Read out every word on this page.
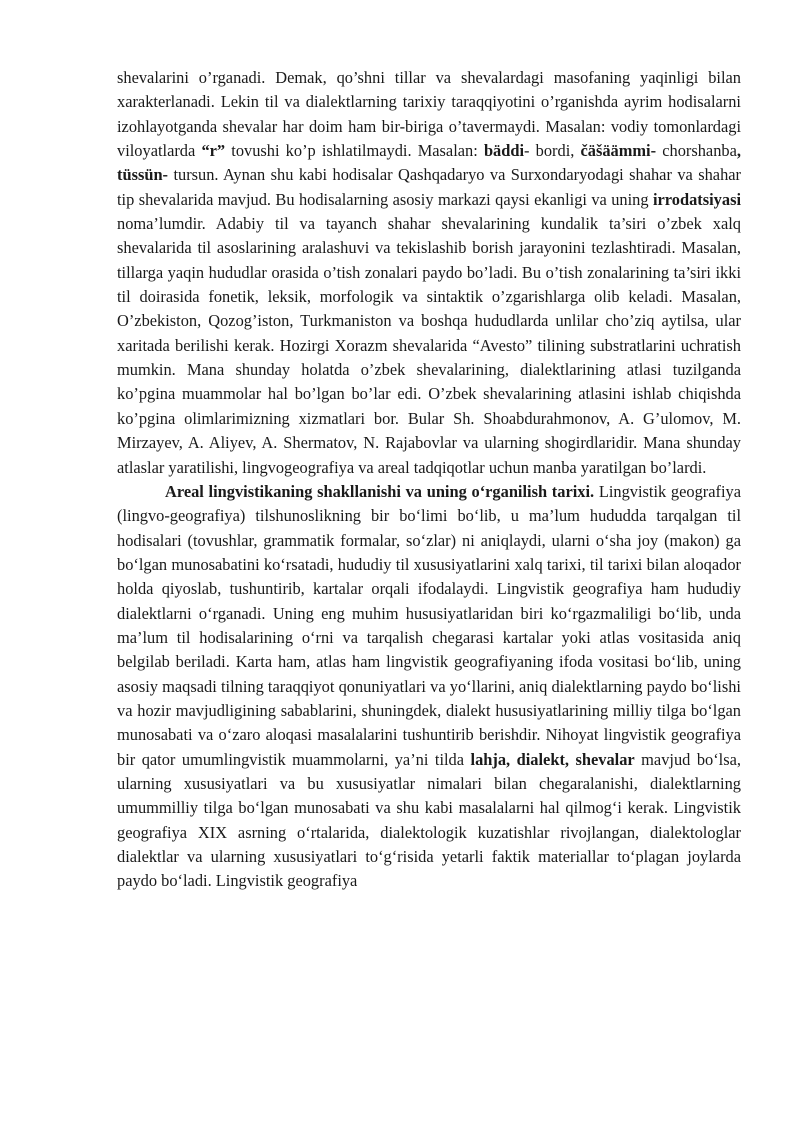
shevalarini o’rganadi. Demak, qo’shni tillar va shevalardagi masofaning yaqinligi bilan xarakterlanadi. Lekin til va dialektlarning tarixiy taraqqiyotini o’rganishda ayrim hodisalarni izohlayotganda shevalar har doim ham bir-biriga o’tavermaydi. Masalan: vodiy tomonlardagi viloyatlarda “r” tovushi ko’p ishlatilmaydi. Masalan: bäddi- bordi, čäšäämmi- chorshanba, tüssün- tursun. Aynan shu kabi hodisalar Qashqadaryo va Surxondaryodagi shahar va shahar tip shevalarida mavjud. Bu hodisalarning asosiy markazi qaysi ekanligi va uning irrodatsiyasi noma’lumdir. Adabiy til va tayanch shahar shevalarining kundalik ta’siri o’zbek xalq shevalarida til asoslarining aralashuvi va tekislashib borish jarayonini tezlashtiradi. Masalan, tillarga yaqin hududlar orasida o’tish zonalari paydo bo’ladi. Bu o’tish zonalarining ta’siri ikki til doirasida fonetik, leksik, morfologik va sintaktik o’zgarishlarga olib keladi. Masalan, O’zbekiston, Qozog’iston, Turkmaniston va boshqa hududlarda unlilar cho’ziq aytilsa, ular xaritada berilishi kerak. Hozirgi Xorazm shevalarida “Avesto” tilining substratlarini uchratish mumkin. Mana shunday holatda o’zbek shevalarining, dialektlarining atlasi tuzilganda ko’pgina muammolar hal bo’lgan bo’lar edi. O’zbek shevalarining atlasini ishlab chiqishda ko’pgina olimlarimizning xizmatlari bor. Bular Sh. Shoabdurahmonov, A. G’ulomov, M. Mirzayev, A. Aliyev, A. Shermatov, N. Rajabovlar va ularning shogirdlaridir. Mana shunday atlaslar yaratilishi, lingvogeografiya va areal tadqiqotlar uchun manba yaratilgan bo’lardi.

Areal lingvistikaning shakllanishi va uning o‘rganilish tarixi. Lingvistik geografiya (lingvo-geografiya) tilshunoslikning bir bo‘limi bo‘lib, u ma’lum hududda tarqalgan til hodisalari (tovushlar, grammatik formalar, so‘zlar) ni aniqlaydi, ularni o‘sha joy (makon) ga bo‘lgan munosabatini ko‘rsatadi, hududiy til xususiyatlarini xalq tarixi, til tarixi bilan aloqador holda qiyoslab, tushuntirib, kartalar orqali ifodalaydi. Lingvistik geografiya ham hududiy dialektlarni o‘rganadi. Uning eng muhim hususiyatlaridan biri ko‘rgazmaliligi bo‘lib, unda ma’lum til hodisalarining o‘rni va tarqalish chegarasi kartalar yoki atlas vositasida aniq belgilab beriladi. Karta ham, atlas ham lingvistik geografiyaning ifoda vositasi bo‘lib, uning asosiy maqsadi tilning taraqqiyot qonuniyatlari va yo‘llarini, aniq dialektlarning paydo bo‘lishi va hozir mavjudligining sabablarini, shuningdek, dialekt hususiyatlarining milliy tilga bo‘lgan munosabati va o‘zaro aloqasi masalalarini tushuntirib berishdir. Nihoyat lingvistik geografiya bir qator umumlingvistik muammolarni, ya’ni tilda lahja, dialekt, shevalar mavjud bo‘lsa, ularning xususiyatlari va bu xususiyatlar nimalari bilan chegaralanishi, dialektlarning umummilliy tilga bo‘lgan munosabati va shu kabi masalalarni hal qilmog‘i kerak. Lingvistik geografiya XIX asrning o‘rtalarida, dialektologik kuzatishlar rivojlangan, dialektologlar dialektlar va ularning xususiyatlari to‘g‘risida yetarli faktik materiallar to‘plagan joylarda paydo bo‘ladi. Lingvistik geografiya
